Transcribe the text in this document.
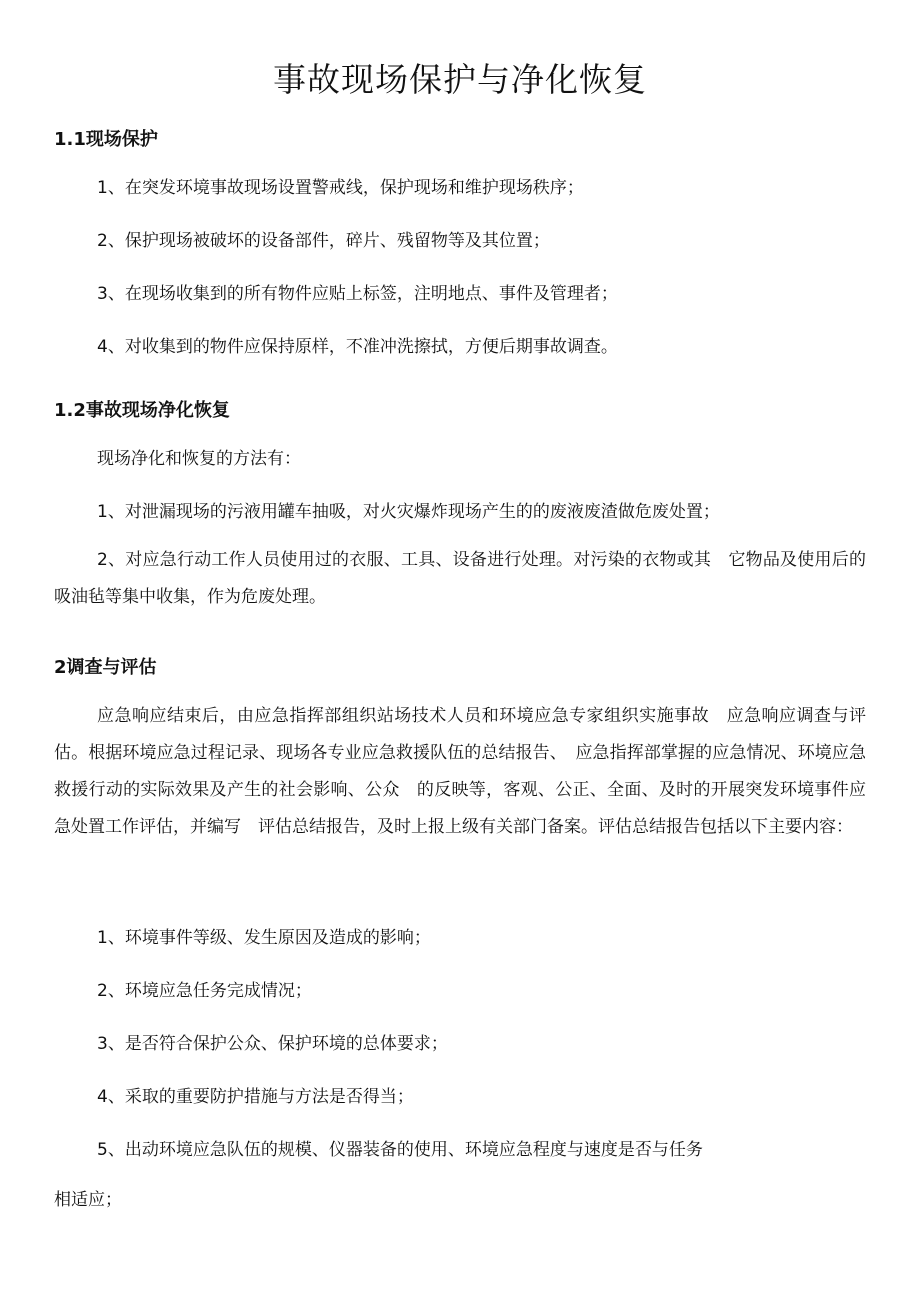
事故现场保护与净化恢复
1.1现场保护
1、在突发环境事故现场设置警戒线，保护现场和维护现场秩序；
2、保护现场被破坏的设备部件，碎片、残留物等及其位置；
3、在现场收集到的所有物件应贴上标签，注明地点、事件及管理者；
4、对收集到的物件应保持原样，不准冲洗擦拭，方便后期事故调查。
1.2事故现场净化恢复
现场净化和恢复的方法有：
1、对泄漏现场的污液用罐车抽吸，对火灾爆炸现场产生的的废液废渣做危废处置；
2、对应急行动工作人员使用过的衣服、工具、设备进行处理。对污染的衣物或其　它物品及使用后的吸油毡等集中收集，作为危废处理。
2调查与评估
应急响应结束后，由应急指挥部组织站场技术人员和环境应急专家组织实施事故　应急响应调查与评估。根据环境应急过程记录、现场各专业应急救援队伍的总结报告、　应急指挥部掌握的应急情况、环境应急救援行动的实际效果及产生的社会影响、公众　的反映等，客观、公正、全面、及时的开展突发环境事件应急处置工作评估，并编写　评估总结报告，及时上报上级有关部门备案。评估总结报告包括以下主要内容：
1、环境事件等级、发生原因及造成的影响；
2、环境应急任务完成情况；
3、是否符合保护公众、保护环境的总体要求；
4、采取的重要防护措施与方法是否得当；
5、出动环境应急队伍的规模、仪器装备的使用、环境应急程度与速度是否与任务
相适应；
